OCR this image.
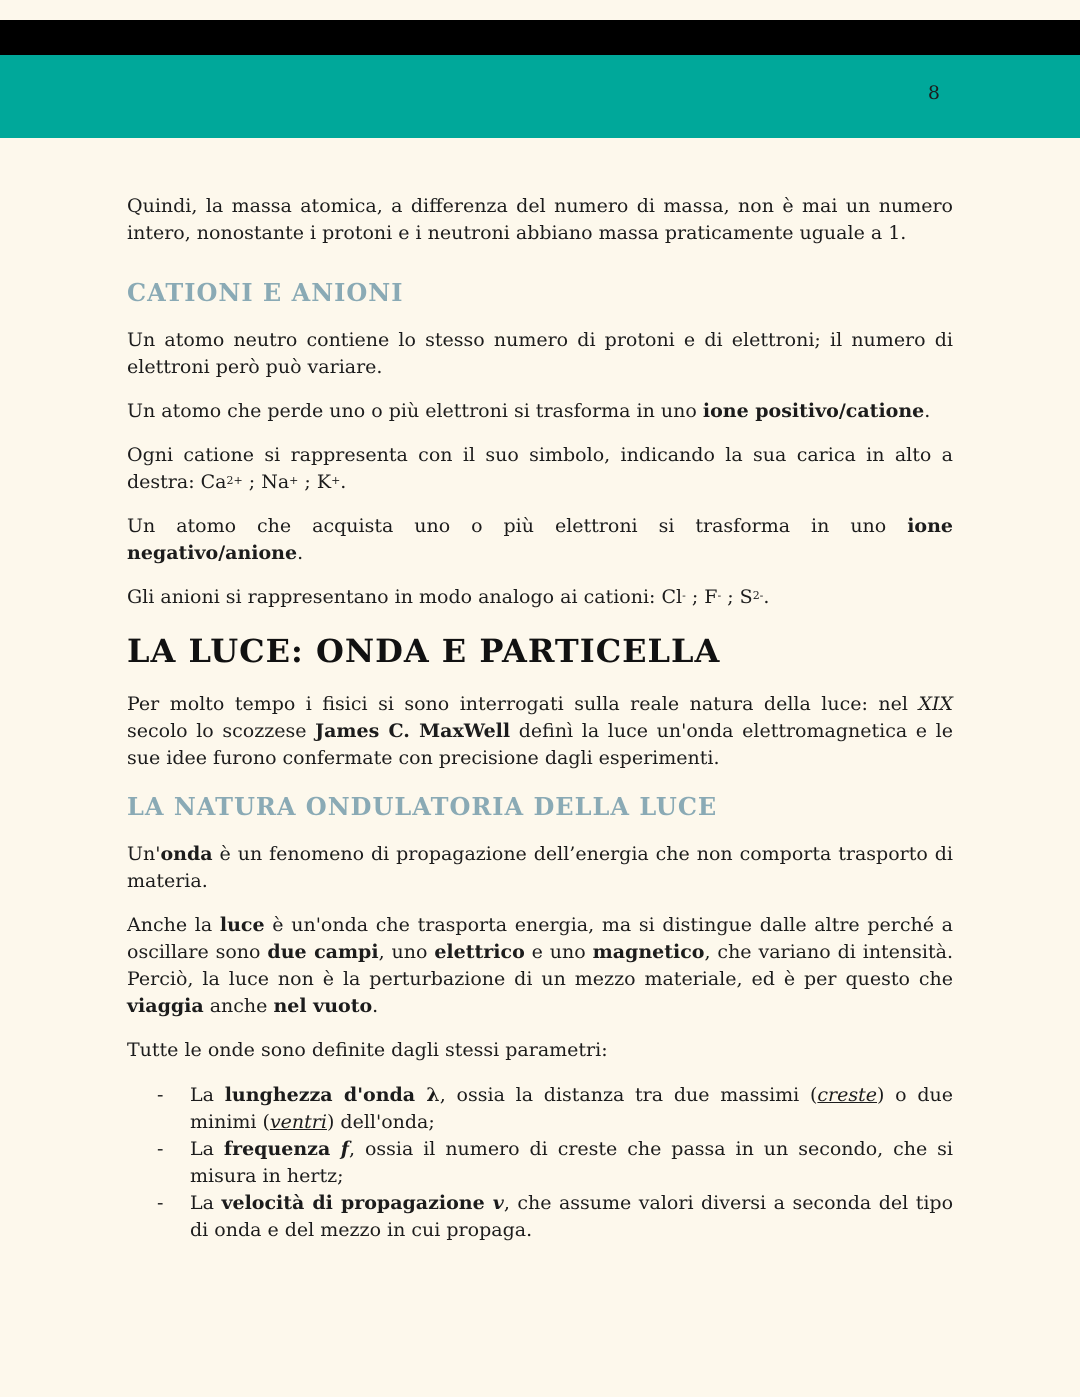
8

Quindi, la massa atomica, a differenza del numero di massa, non è mai un numero intero, nonostante i protoni e i neutroni abbiano massa praticamente uguale a 1.

CATIONI E ANIONI

Un atomo neutro contiene lo stesso numero di protoni e di elettroni; il numero di elettroni però può variare.

Un atomo che perde uno o più elettroni si trasforma in uno ione positivo/catione.

Ogni catione si rappresenta con il suo simbolo, indicando la sua carica in alto a destra: $Ca^{2+}$ ; Na+ ; K+.

Un atomo che acquista uno o più elettroni si trasforma in uno ione negativo/anione.

Gli anioni si rappresentano in modo analogo ai cationi: Cl- ; F- ; $S^{2-}$.

LA LUCE: ONDA E PARTICELLA

Per molto tempo i fisici si sono interrogati sulla reale natura della luce: nel XIX secolo lo scozzese James C. MaxWell definì la luce un'onda elettromagnetica e le sue idee furono confermate con precisione dagli esperimenti.

LA NATURA ONDULATORIA DELLA LUCE

Un'onda è un fenomeno di propagazione dell’energia che non comporta trasporto di materia.

Anche la luce è un'onda che trasporta energia, ma si distingue dalle altre perché a oscillare sono due campi, uno elettrico e uno magnetico, che variano di intensità. Perciò, la luce non è la perturbazione di un mezzo materiale, ed è per questo che viaggia anche nel vuoto.

Tutte le onde sono definite dagli stessi parametri:

- La lunghezza d'onda λ, ossia la distanza tra due massimi (creste) o due minimi (ventri) dell'onda;
- La frequenza f, ossia il numero di creste che passa in un secondo, che si misura in hertz;
- La velocità di propagazione v, che assume valori diversi a seconda del tipo di onda e del mezzo in cui propaga.
